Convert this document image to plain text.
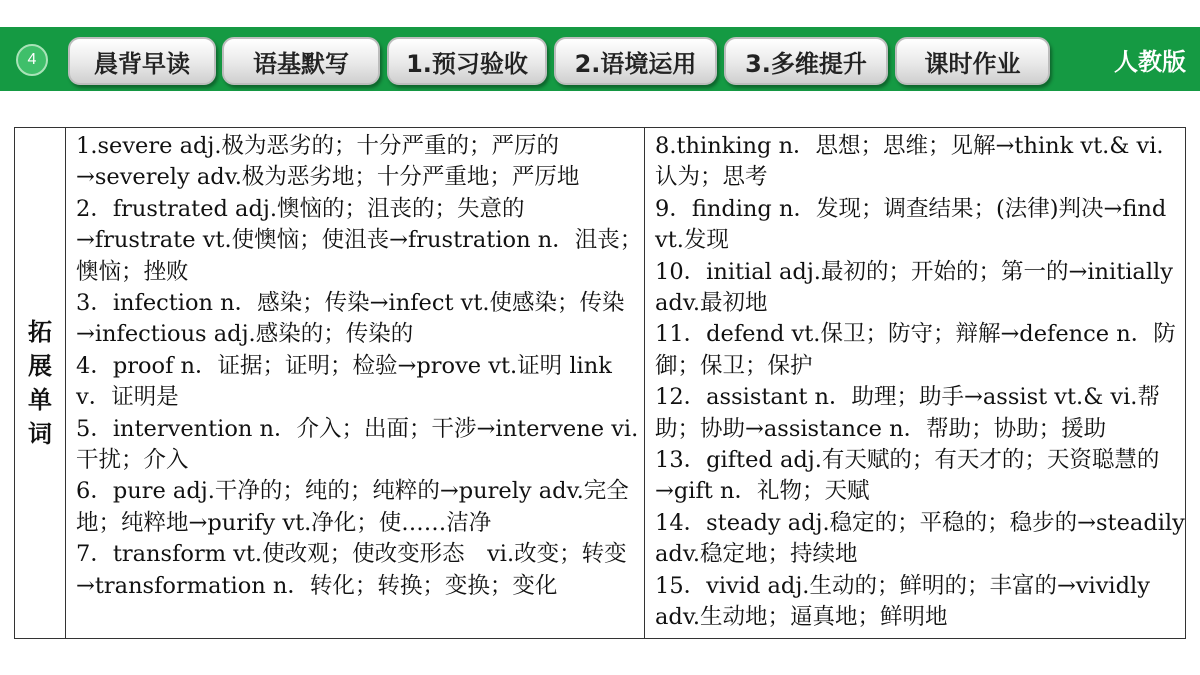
4	晨背早读	语基默写	1.预习验收	2.语境运用	3.多维提升	课时作业	人教版
拓展单词	
1.severe adj.极为恶劣的；十分严重的；严厉的→severely adv.极为恶劣地；十分严重地；严厉地
2．frustrated adj.懊恼的；沮丧的；失意的→frustrate vt.使懊恼；使沮丧→frustration n．沮丧；懊恼；挫败
3．infection n．感染；传染→infect vt.使感染；传染→infectious adj.感染的；传染的
4．proof n．证据；证明；检验→prove vt.证明 link v．证明是
5．intervention n．介入；出面；干涉→intervene vi.干扰；介入
6．pure adj.干净的；纯的；纯粹的→purely adv.完全地；纯粹地→purify vt.净化；使……洁净
7．transform vt.使改观；使改变形态　vi.改变；转变→transformation n．转化；转换；变换；变化

8.thinking n．思想；思维；见解→think vt.& vi.认为；思考
9．finding n．发现；调查结果；(法律)判决→find vt.发现
10．initial adj.最初的；开始的；第一的→initially adv.最初地
11．defend vt.保卫；防守；辩解→defence n．防御；保卫；保护
12．assistant n．助理；助手→assist vt.& vi.帮助；协助→assistance n．帮助；协助；援助
13．gifted adj.有天赋的；有天才的；天资聪慧的→gift n．礼物；天赋
14．steady adj.稳定的；平稳的；稳步的→steadily adv.稳定地；持续地
15．vivid adj.生动的；鲜明的；丰富的→vividly adv.生动地；逼真地；鲜明地
